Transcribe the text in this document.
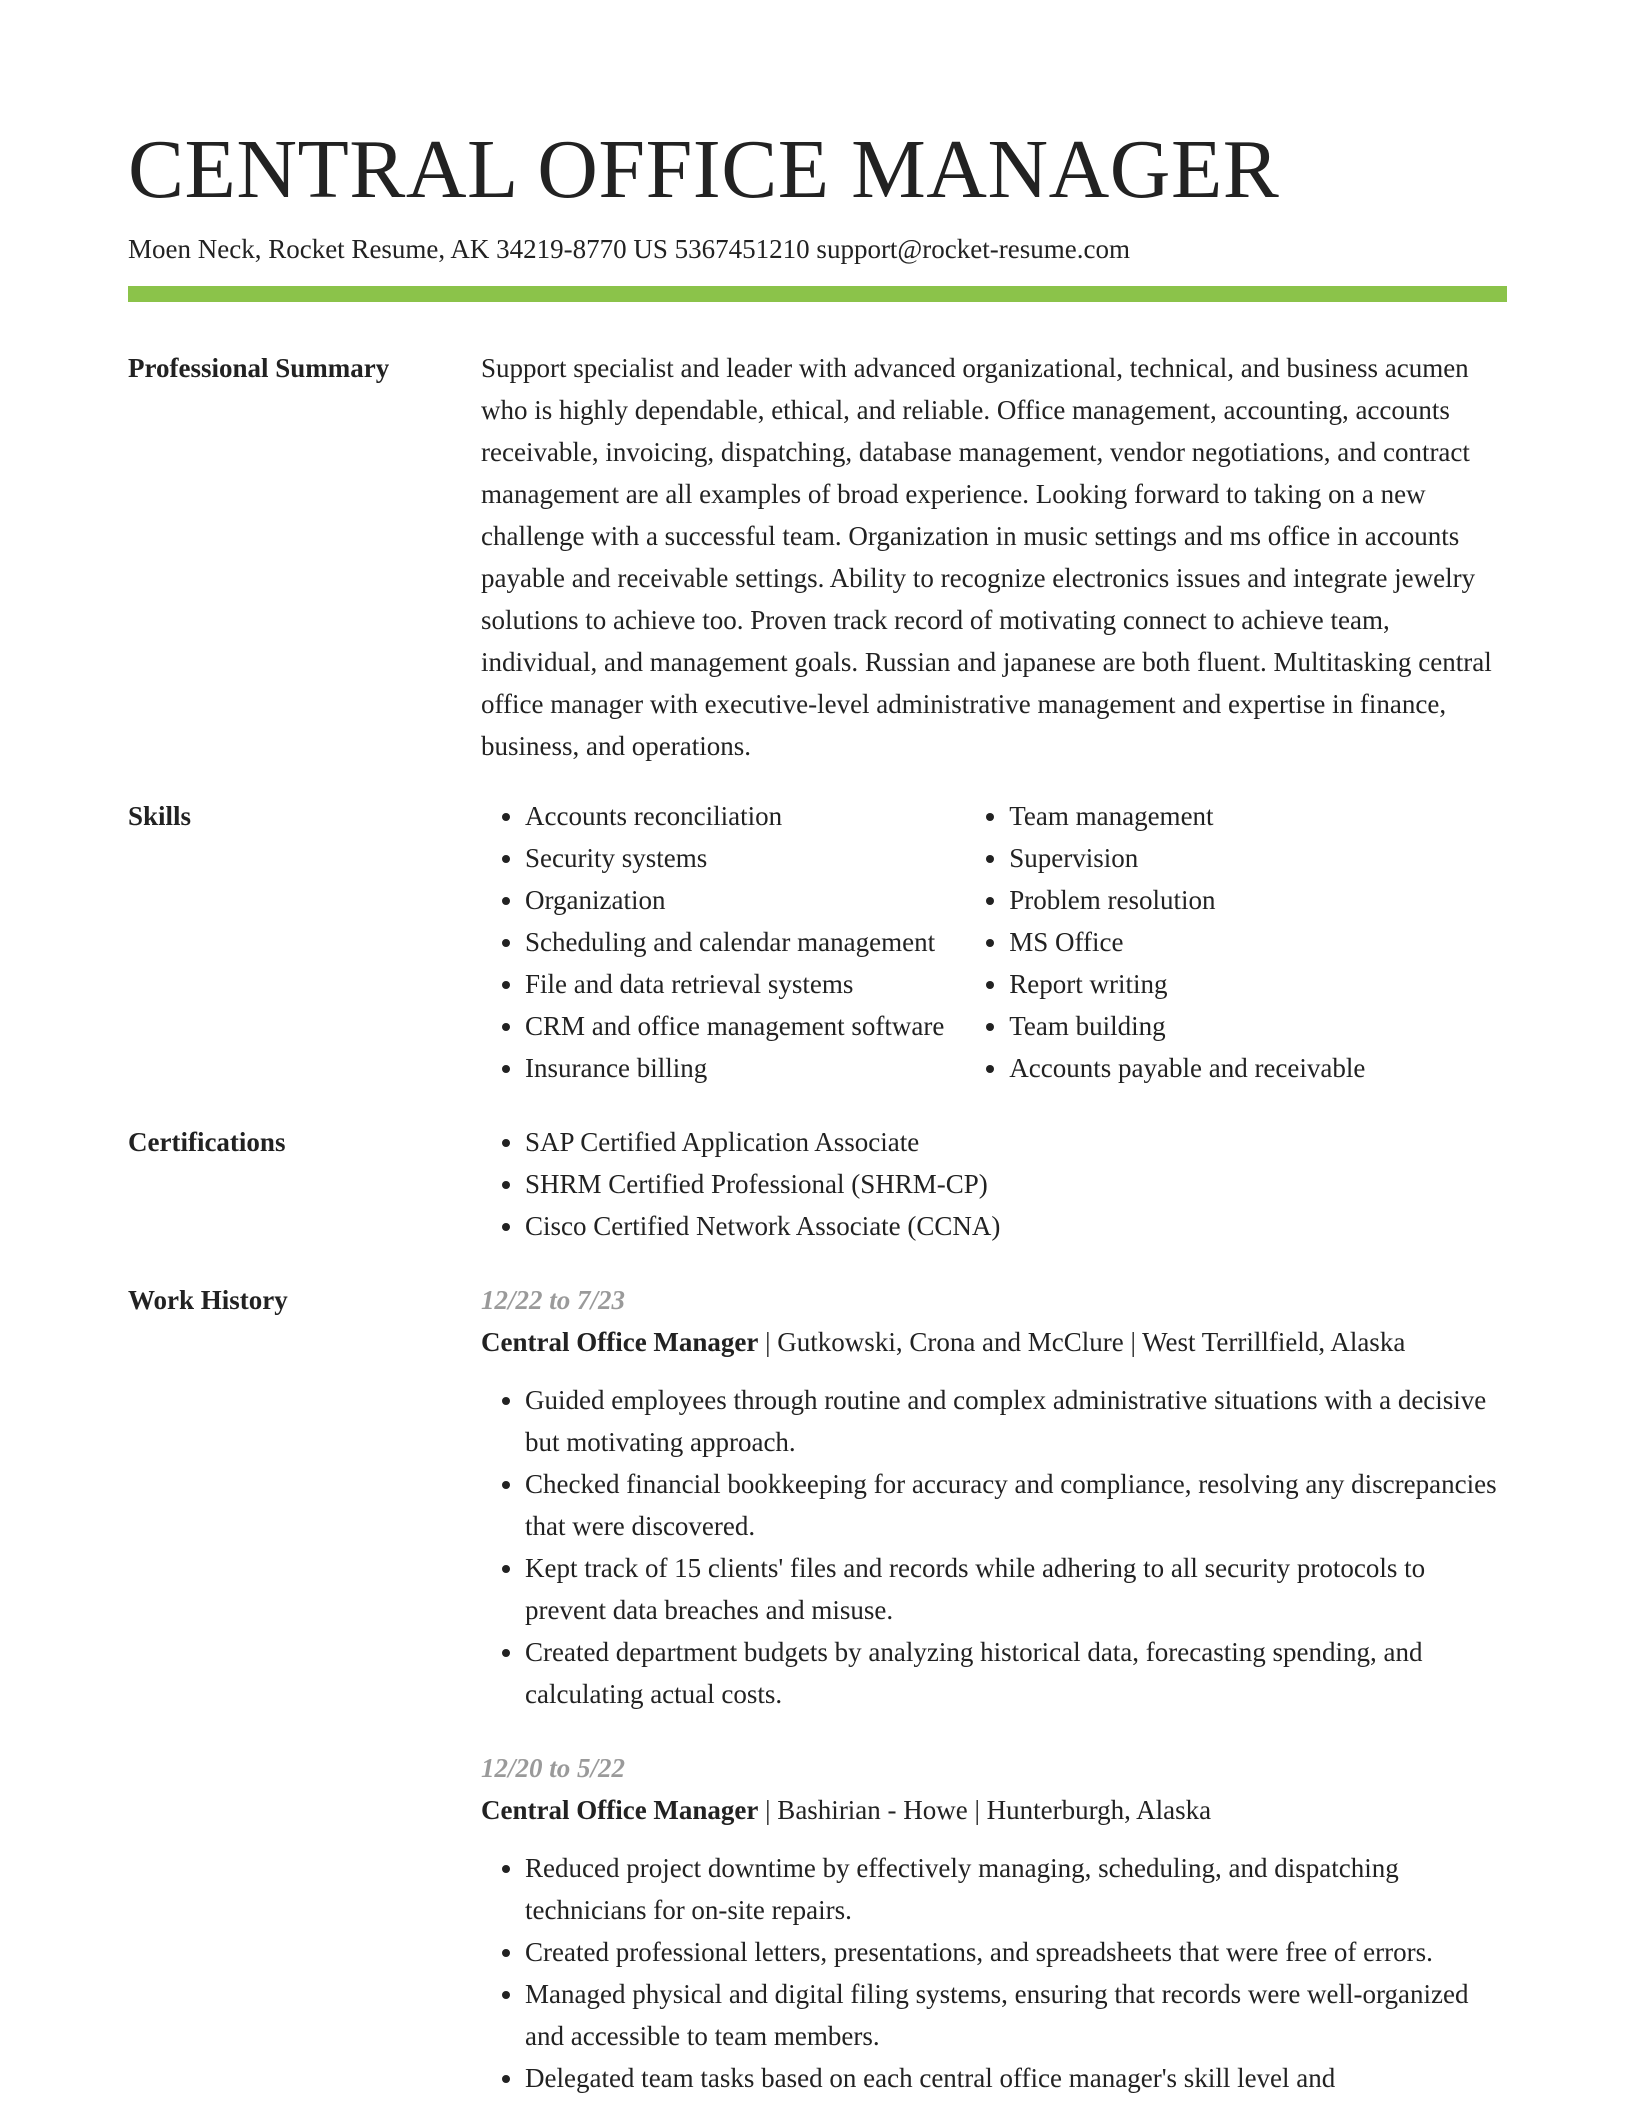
CENTRAL OFFICE MANAGER
Moen Neck, Rocket Resume, AK 34219-8770 US 5367451210 support@rocket-resume.com
Professional Summary	Support specialist and leader with advanced organizational, technical, and business acumen who is highly dependable, ethical, and reliable. Office management, accounting, accounts receivable, invoicing, dispatching, database management, vendor negotiations, and contract management are all examples of broad experience. Looking forward to taking on a new challenge with a successful team. Organization in music settings and ms office in accounts payable and receivable settings. Ability to recognize electronics issues and integrate jewelry solutions to achieve too. Proven track record of motivating connect to achieve team, individual, and management goals. Russian and japanese are both fluent. Multitasking central office manager with executive-level administrative management and expertise in finance, business, and operations.

Skills	• Accounts reconciliation
• Security systems
• Organization
• Scheduling and calendar management
• File and data retrieval systems
• CRM and office management software
• Insurance billing
• Team management
• Supervision
• Problem resolution
• MS Office
• Report writing
• Team building
• Accounts payable and receivable
Certifications	• SAP Certified Application Associate
• SHRM Certified Professional (SHRM-CP)
• Cisco Certified Network Associate (CCNA)
Work History	12/22 to 7/23
Central Office Manager | Gutkowski, Crona and McClure | West Terrillfield, Alaska
• Guided employees through routine and complex administrative situations with a decisive but motivating approach.
• Checked financial bookkeeping for accuracy and compliance, resolving any discrepancies that were discovered.
• Kept track of 15 clients' files and records while adhering to all security protocols to prevent data breaches and misuse.
• Created department budgets by analyzing historical data, forecasting spending, and calculating actual costs.
12/20 to 5/22
Central Office Manager | Bashirian - Howe | Hunterburgh, Alaska
• Reduced project downtime by effectively managing, scheduling, and dispatching technicians for on-site repairs.
• Created professional letters, presentations, and spreadsheets that were free of errors.
• Managed physical and digital filing systems, ensuring that records were well-organized and accessible to team members.
• Delegated team tasks based on each central office manager's skill level and
